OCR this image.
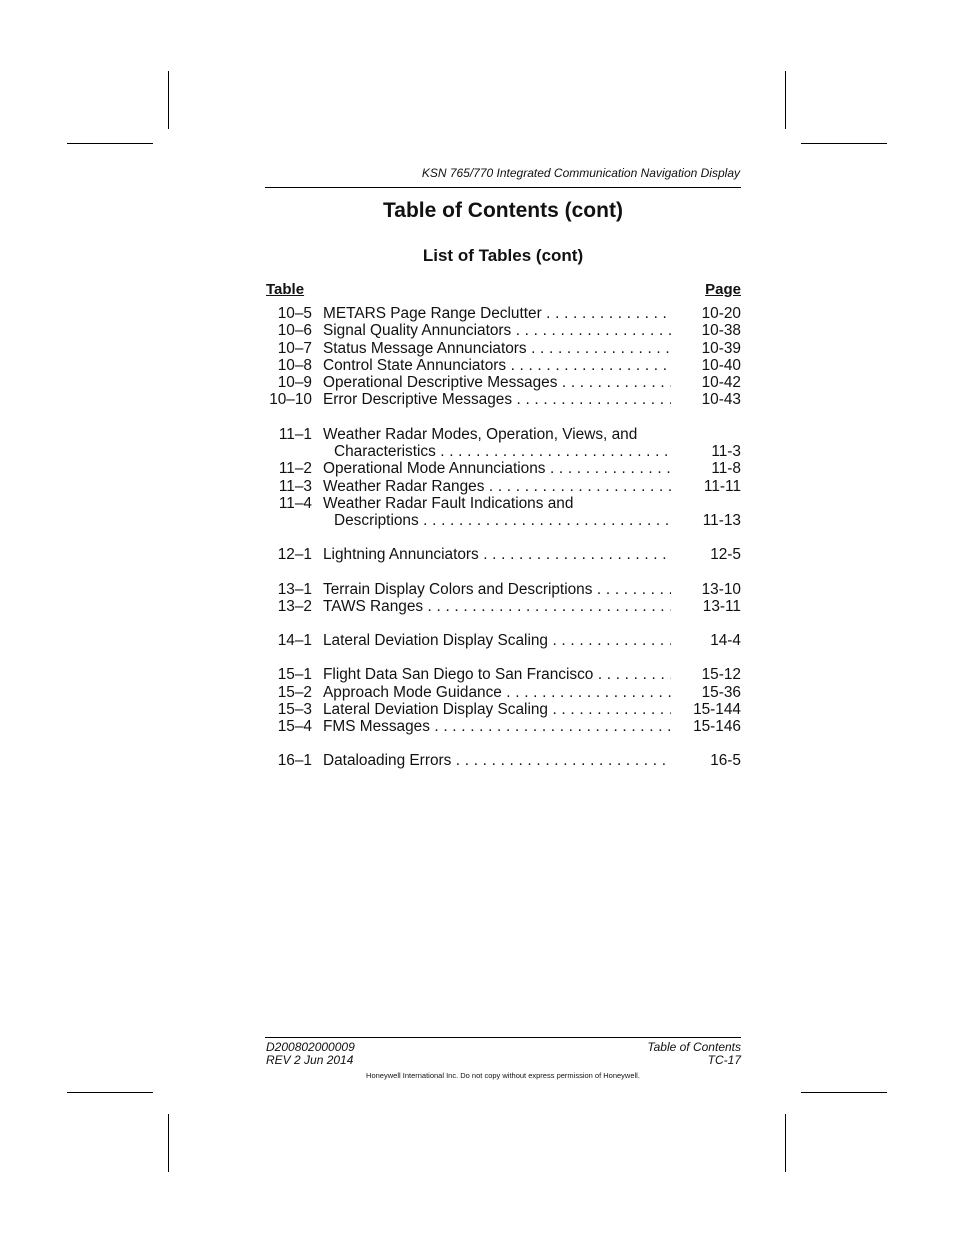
KSN 765/770 Integrated Communication Navigation Display
Table of Contents (cont)
List of Tables (cont)
Table	Page
10–5 METARS Page Range Declutter . . .	10-20
10–6 Signal Quality Annunciators . . .	10-38
10–7 Status Message Annunciators . . .	10-39
10–8 Control State Annunciators . . .	10-40
10–9 Operational Descriptive Messages . . .	10-42
10–10 Error Descriptive Messages . . .	10-43
11–1 Weather Radar Modes, Operation, Views, and
Characteristics . . .	11-3
11–2 Operational Mode Annunciations . . .	11-8
11–3 Weather Radar Ranges . . .	11-11
11–4 Weather Radar Fault Indications and
Descriptions . . .	11-13
12–1 Lightning Annunciators . . .	12-5
13–1 Terrain Display Colors and Descriptions . . .	13-10
13–2 TAWS Ranges . . .	13-11
14–1 Lateral Deviation Display Scaling . . .	14-4
15–1 Flight Data San Diego to San Francisco . . .	15-12
15–2 Approach Mode Guidance . . .	15-36
15–3 Lateral Deviation Display Scaling . . .	15-144
15–4 FMS Messages . . .	15-146
16–1 Dataloading Errors . . .	16-5
D200802000009
REV 2 Jun 2014
Table of Contents
TC-17
Honeywell International Inc. Do not copy without express permission of Honeywell.
